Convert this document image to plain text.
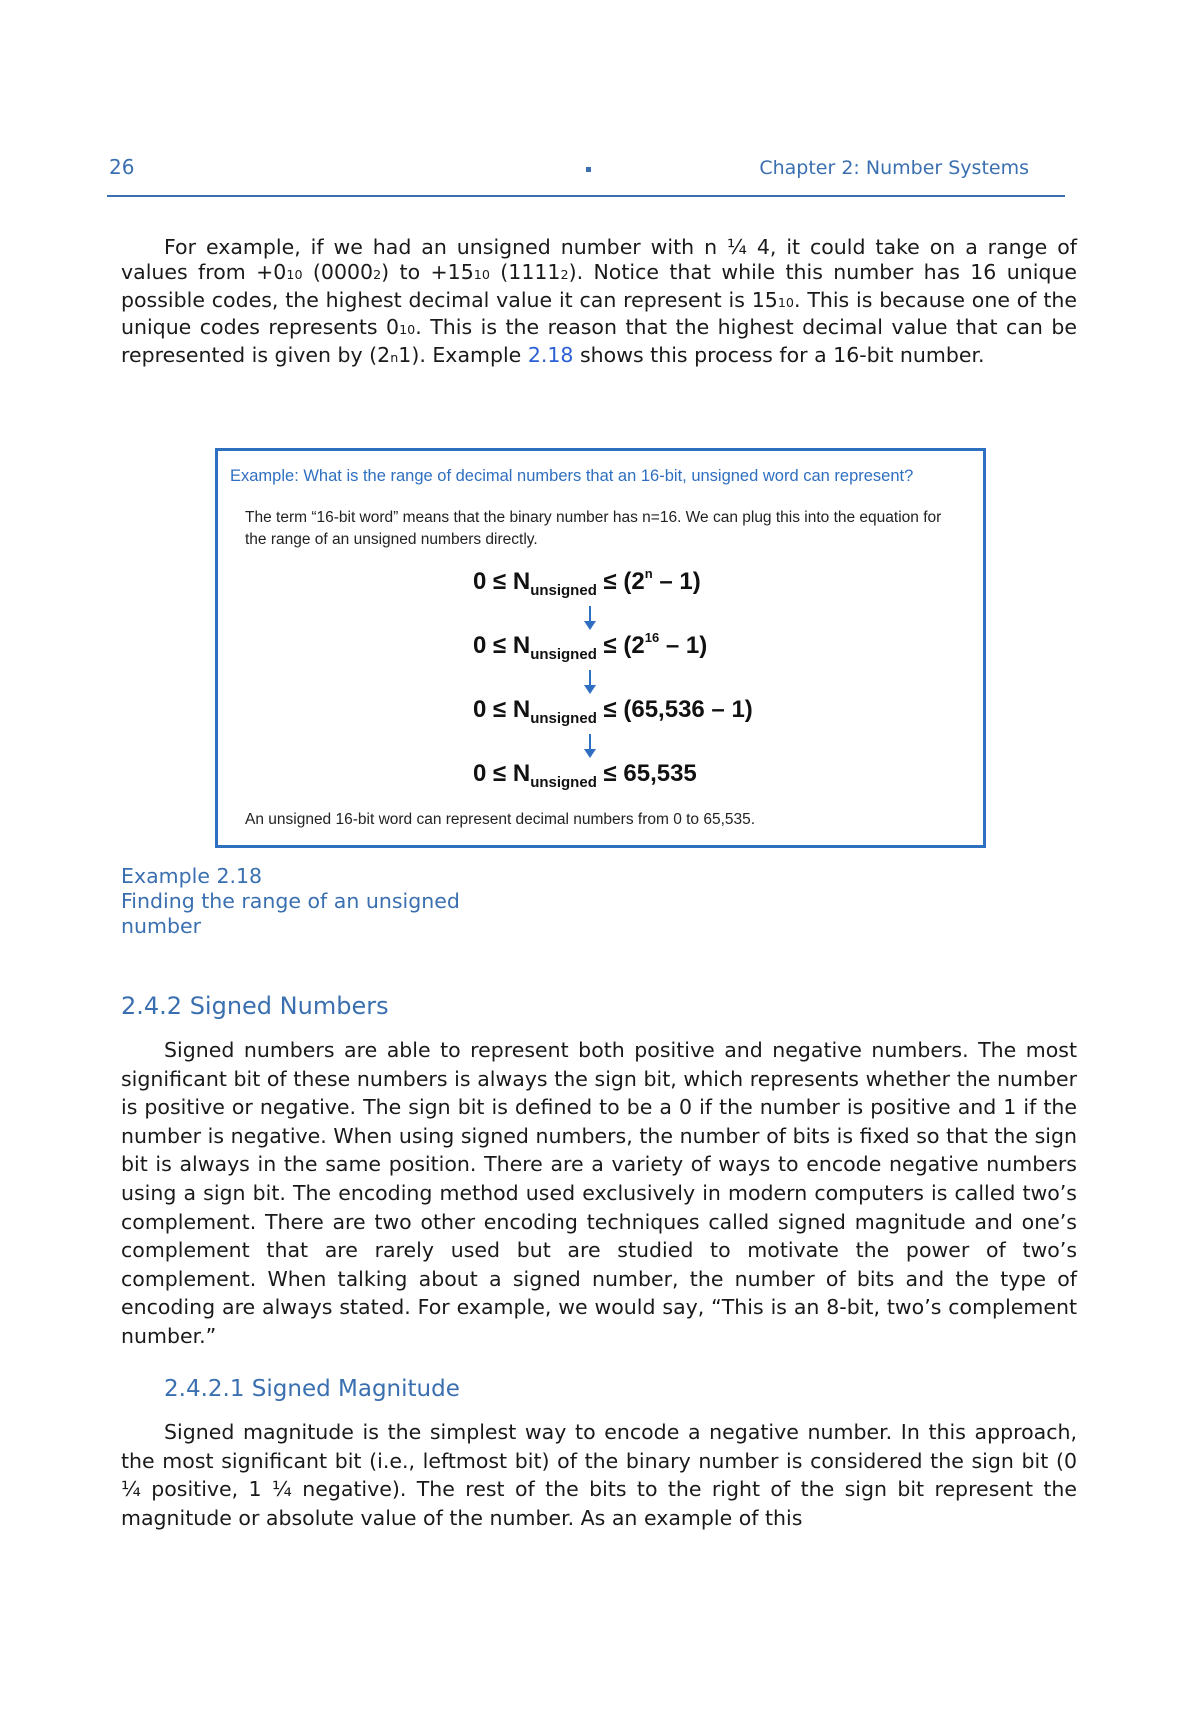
26	Chapter 2: Number Systems

For example, if we had an unsigned number with n ¼ 4, it could take on a range of values from +010 (00002) to +1510 (11112). Notice that while this number has 16 unique possible codes, the highest decimal value it can represent is 1510. This is because one of the unique codes represents 010. This is the reason that the highest decimal value that can be represented is given by (2n1). Example 2.18 shows this process for a 16-bit number.

Example: What is the range of decimal numbers that an 16-bit, unsigned word can represent?
The term “16-bit word” means that the binary number has n=16. We can plug this into the equation for the range of an unsigned numbers directly.
$0 \le N_{unsigned} \le (2^n - 1)$
$0 \le N_{unsigned} \le (2^{16} - 1)$
$0 \le N_{unsigned} \le (65,536 - 1)$
$0 \le N_{unsigned} \le 65,535$
An unsigned 16-bit word can represent decimal numbers from 0 to 65,535.
Example 2.18
Finding the range of an unsigned number
2.4.2 Signed Numbers

Signed numbers are able to represent both positive and negative numbers. The most significant bit of these numbers is always the sign bit, which represents whether the number is positive or negative. The sign bit is defined to be a 0 if the number is positive and 1 if the number is negative. When using signed numbers, the number of bits is fixed so that the sign bit is always in the same position. There are a variety of ways to encode negative numbers using a sign bit. The encoding method used exclusively in modern computers is called two’s complement. There are two other encoding techniques called signed magnitude and one’s complement that are rarely used but are studied to motivate the power of two’s complement. When talking about a signed number, the number of bits and the type of encoding are always stated. For example, we would say, “This is an 8-bit, two’s complement number.”

2.4.2.1 Signed Magnitude

Signed magnitude is the simplest way to encode a negative number. In this approach, the most significant bit (i.e., leftmost bit) of the binary number is considered the sign bit (0 ¼ positive, 1 ¼ negative). The rest of the bits to the right of the sign bit represent the magnitude or absolute value of the number. As an example of this
